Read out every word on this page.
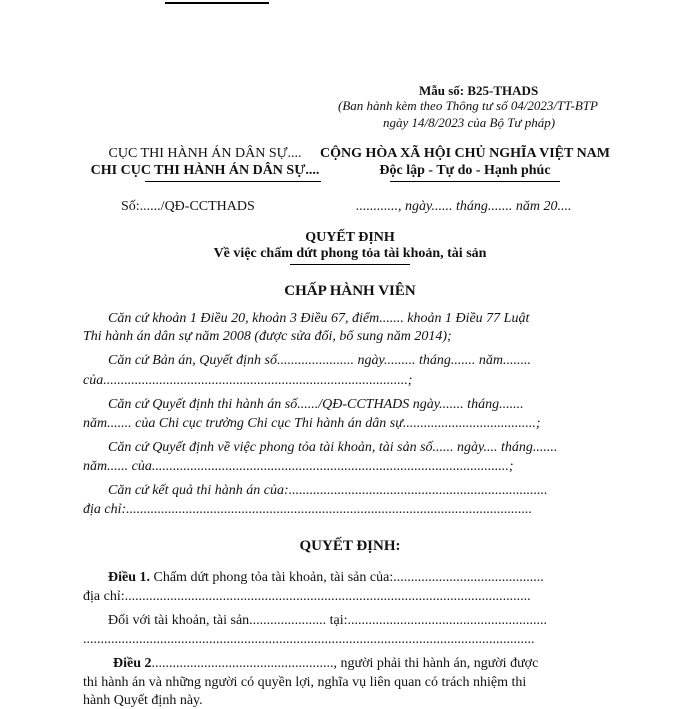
Mẫu số: B25-THADS
(Ban hành kèm theo Thông tư số 04/2023/TT-BTP
ngày 14/8/2023 của Bộ Tư pháp)
CỤC THI HÀNH ÁN DÂN SỰ....
CHI CỤC THI HÀNH ÁN DÂN SỰ....
CỘNG HÒA XÃ HỘI CHỦ NGHĨA VIỆT NAM
Độc lập - Tự do - Hạnh phúc
Số:....../QĐ-CCTHADS	............, ngày...... tháng....... năm 20....
QUYẾT ĐỊNH
Về việc chấm dứt phong tỏa tài khoản, tài sản
CHẤP HÀNH VIÊN
Căn cứ khoản 1 Điều 20, khoản 3 Điều 67, điểm....... khoản 1 Điều 77 Luật
Thi hành án dân sự năm 2008 (được sửa đổi, bổ sung năm 2014);
Căn cứ Bản án, Quyết định số...................... ngày......... tháng....... năm........
của.......................................................................................;
Căn cứ Quyết định thi hành án số....../QĐ-CCTHADS ngày....... tháng.......
năm....... của Chi cục trưởng Chi cục Thi hành án dân sự......................................;
Căn cứ Quyết định về việc phong tỏa tài khoản, tài sản số...... ngày.... tháng.......
năm...... của......................................................................................................;
Căn cứ kết quả thi hành án của:..........................................................................
địa chỉ:....................................................................................................................
QUYẾT ĐỊNH:
Điều 1. Chấm dứt phong tỏa tài khoản, tài sản của:...........................................
địa chỉ:....................................................................................................................
Đối với tài khoản, tài sản...................... tại:.........................................................
.................................................................................................................................
Điều 2...................................................., người phải thi hành án, người được
thi hành án và những người có quyền lợi, nghĩa vụ liên quan có trách nhiệm thi
hành Quyết định này.
